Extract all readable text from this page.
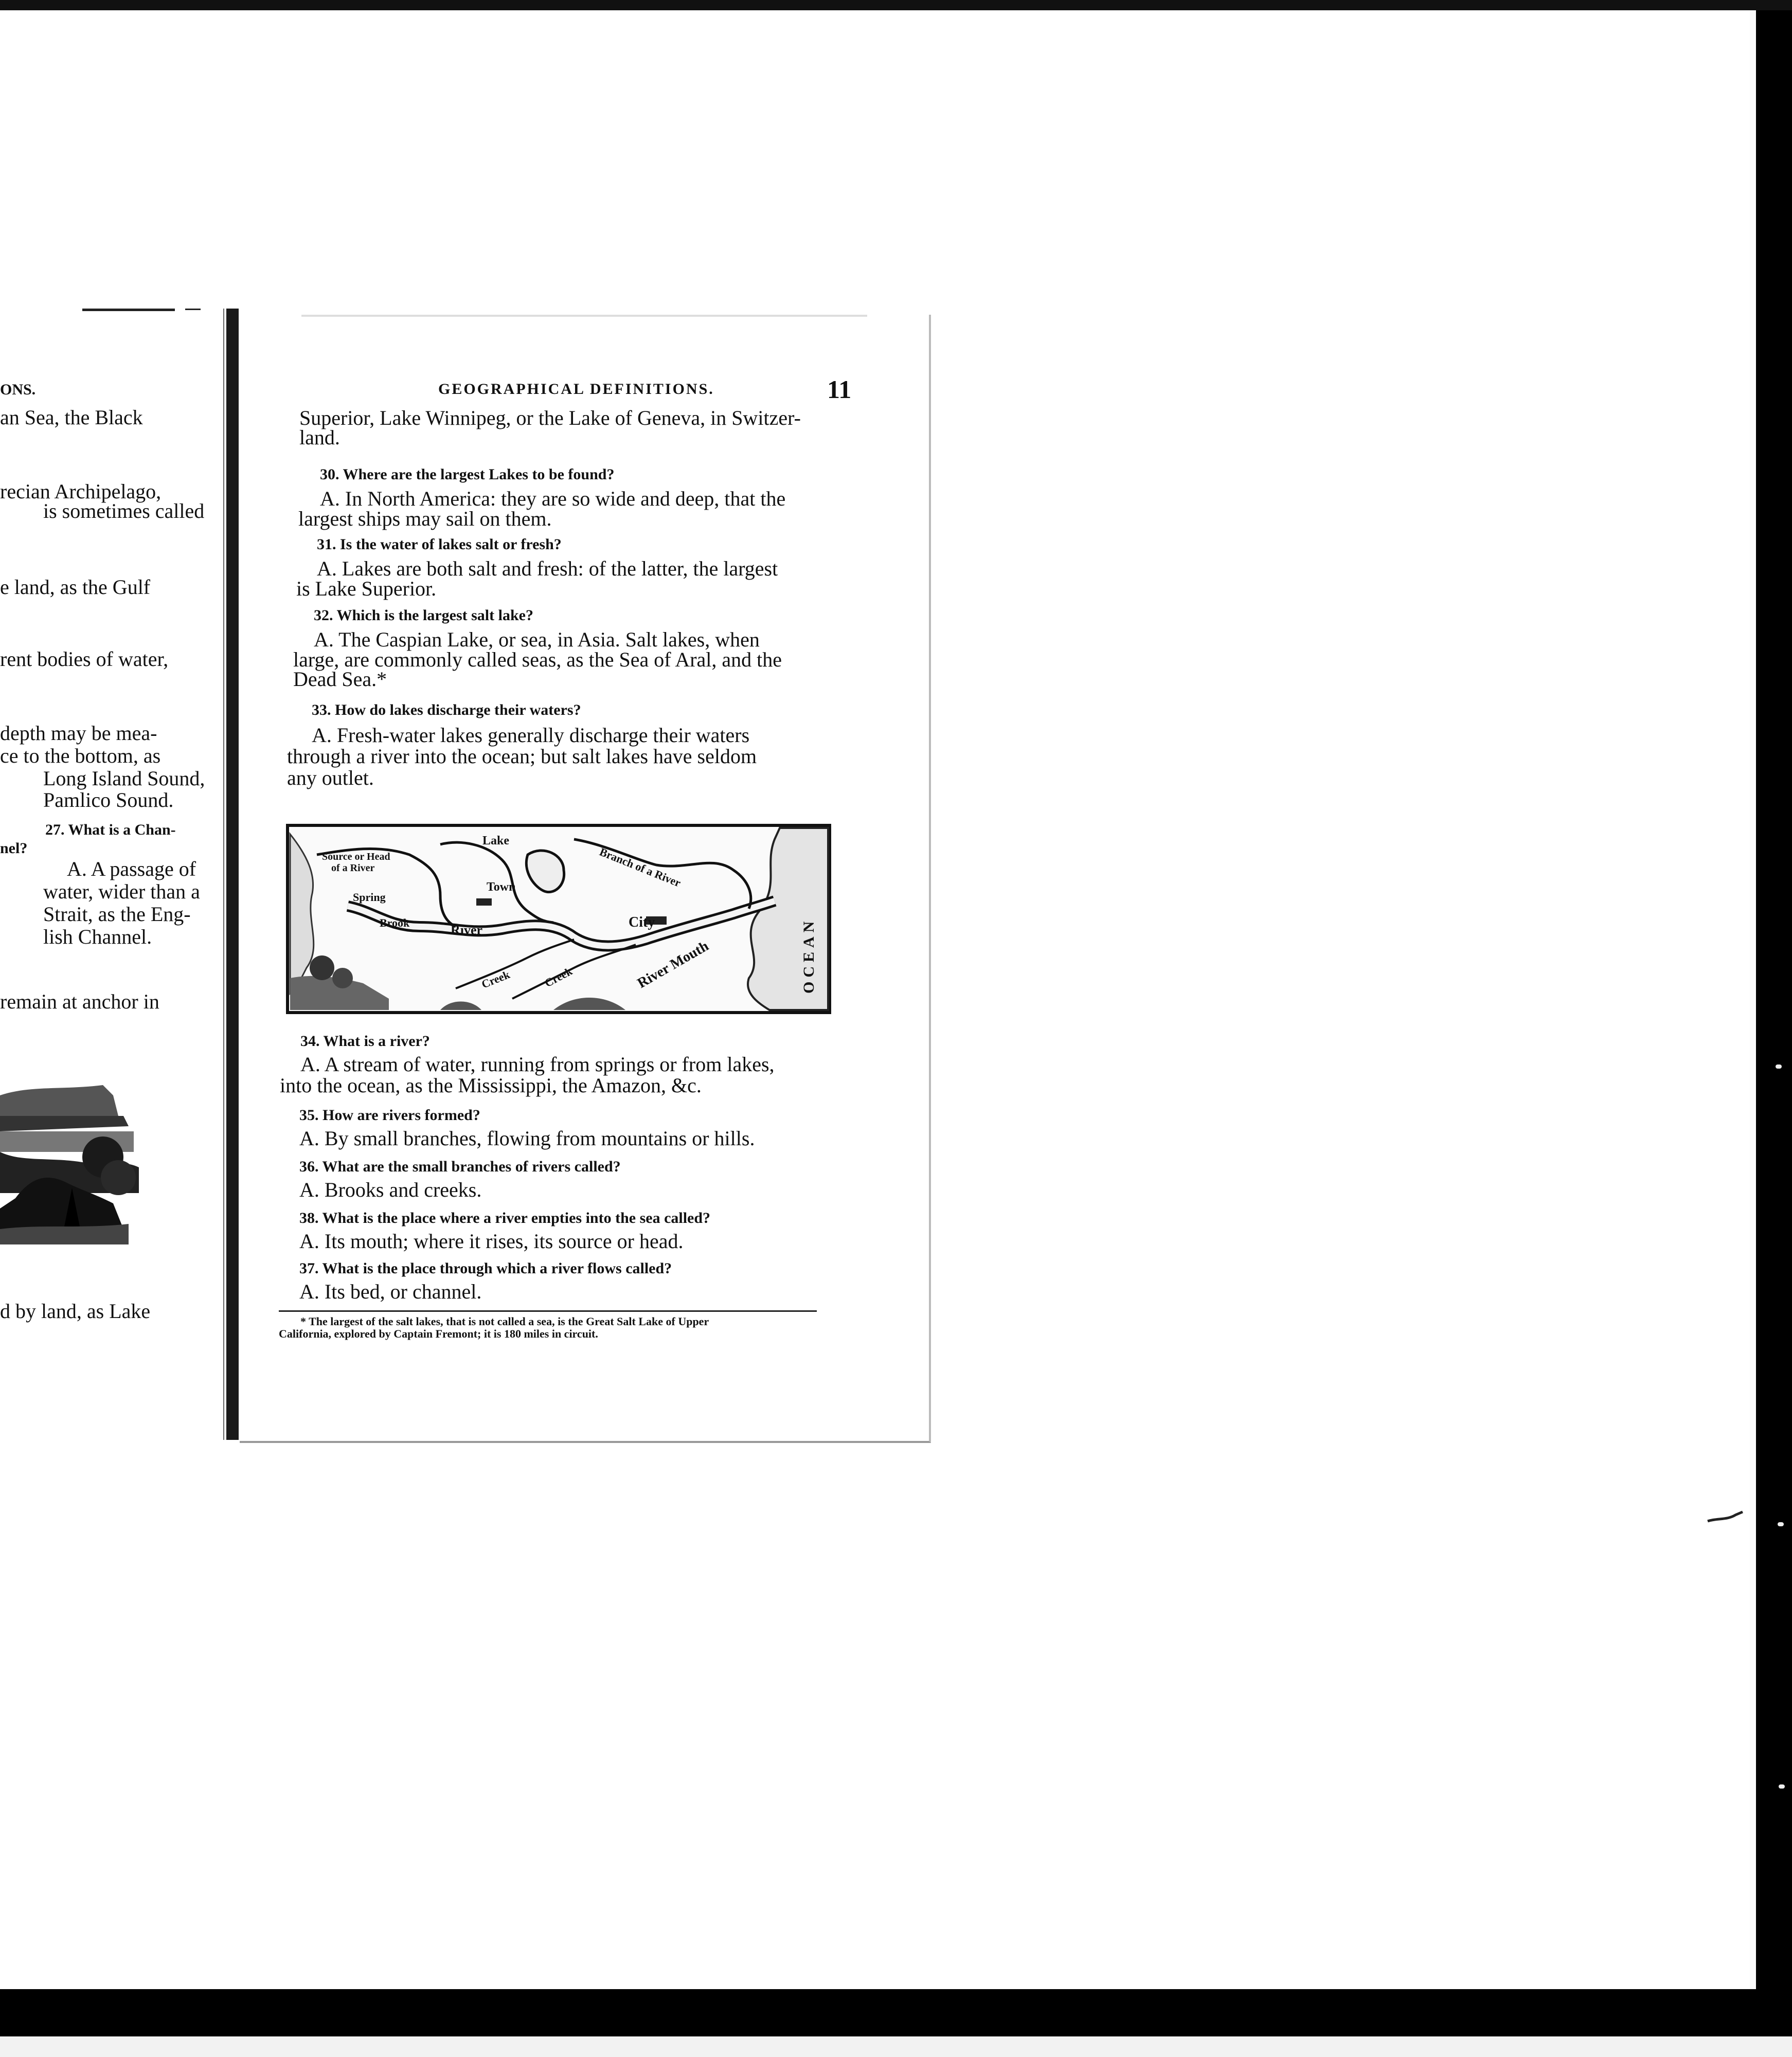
ONS.
an Sea, the Black
recian Archipelago,
is sometimes called
e land, as the Gulf
rent bodies of water,
depth may be mea-
ce to the bottom, as
Long Island Sound,
Pamlico Sound.
27. What is a Chan-
nel?
A. A passage of
water, wider than a
Strait, as the Eng-
lish Channel.
remain at anchor in
d by land, as Lake
GEOGRAPHICAL DEFINITIONS.	11
Superior, Lake Winnipeg, or the Lake of Geneva, in Switzer-
land.
30. Where are the largest Lakes to be found?
A. In North America: they are so wide and deep, that the
largest ships may sail on them.
31. Is the water of lakes salt or fresh?
A. Lakes are both salt and fresh: of the latter, the largest
is Lake Superior.
32. Which is the largest salt lake?
A. The Caspian Lake, or sea, in Asia. Salt lakes, when
large, are commonly called seas, as the Sea of Aral, and the
Dead Sea.*
33. How do lakes discharge their waters?
A. Fresh-water lakes generally discharge their waters
through a river into the ocean; but salt lakes have seldom
any outlet.
Source or Head
of a River
Lake
Town	Branch of a River
Spring
Brook	River	City
Creek	Creek	River Mouth	OCEAN
34. What is a river?
A. A stream of water, running from springs or from lakes,
into the ocean, as the Mississippi, the Amazon, &c.
35. How are rivers formed?
A. By small branches, flowing from mountains or hills.
36. What are the small branches of rivers called?
A. Brooks and creeks.
38. What is the place where a river empties into the sea called?
A. Its mouth; where it rises, its source or head.
37. What is the place through which a river flows called?
A. Its bed, or channel.
* The largest of the salt lakes, that is not called a sea, is the Great Salt Lake of Upper
California, explored by Captain Fremont; it is 180 miles in circuit.
